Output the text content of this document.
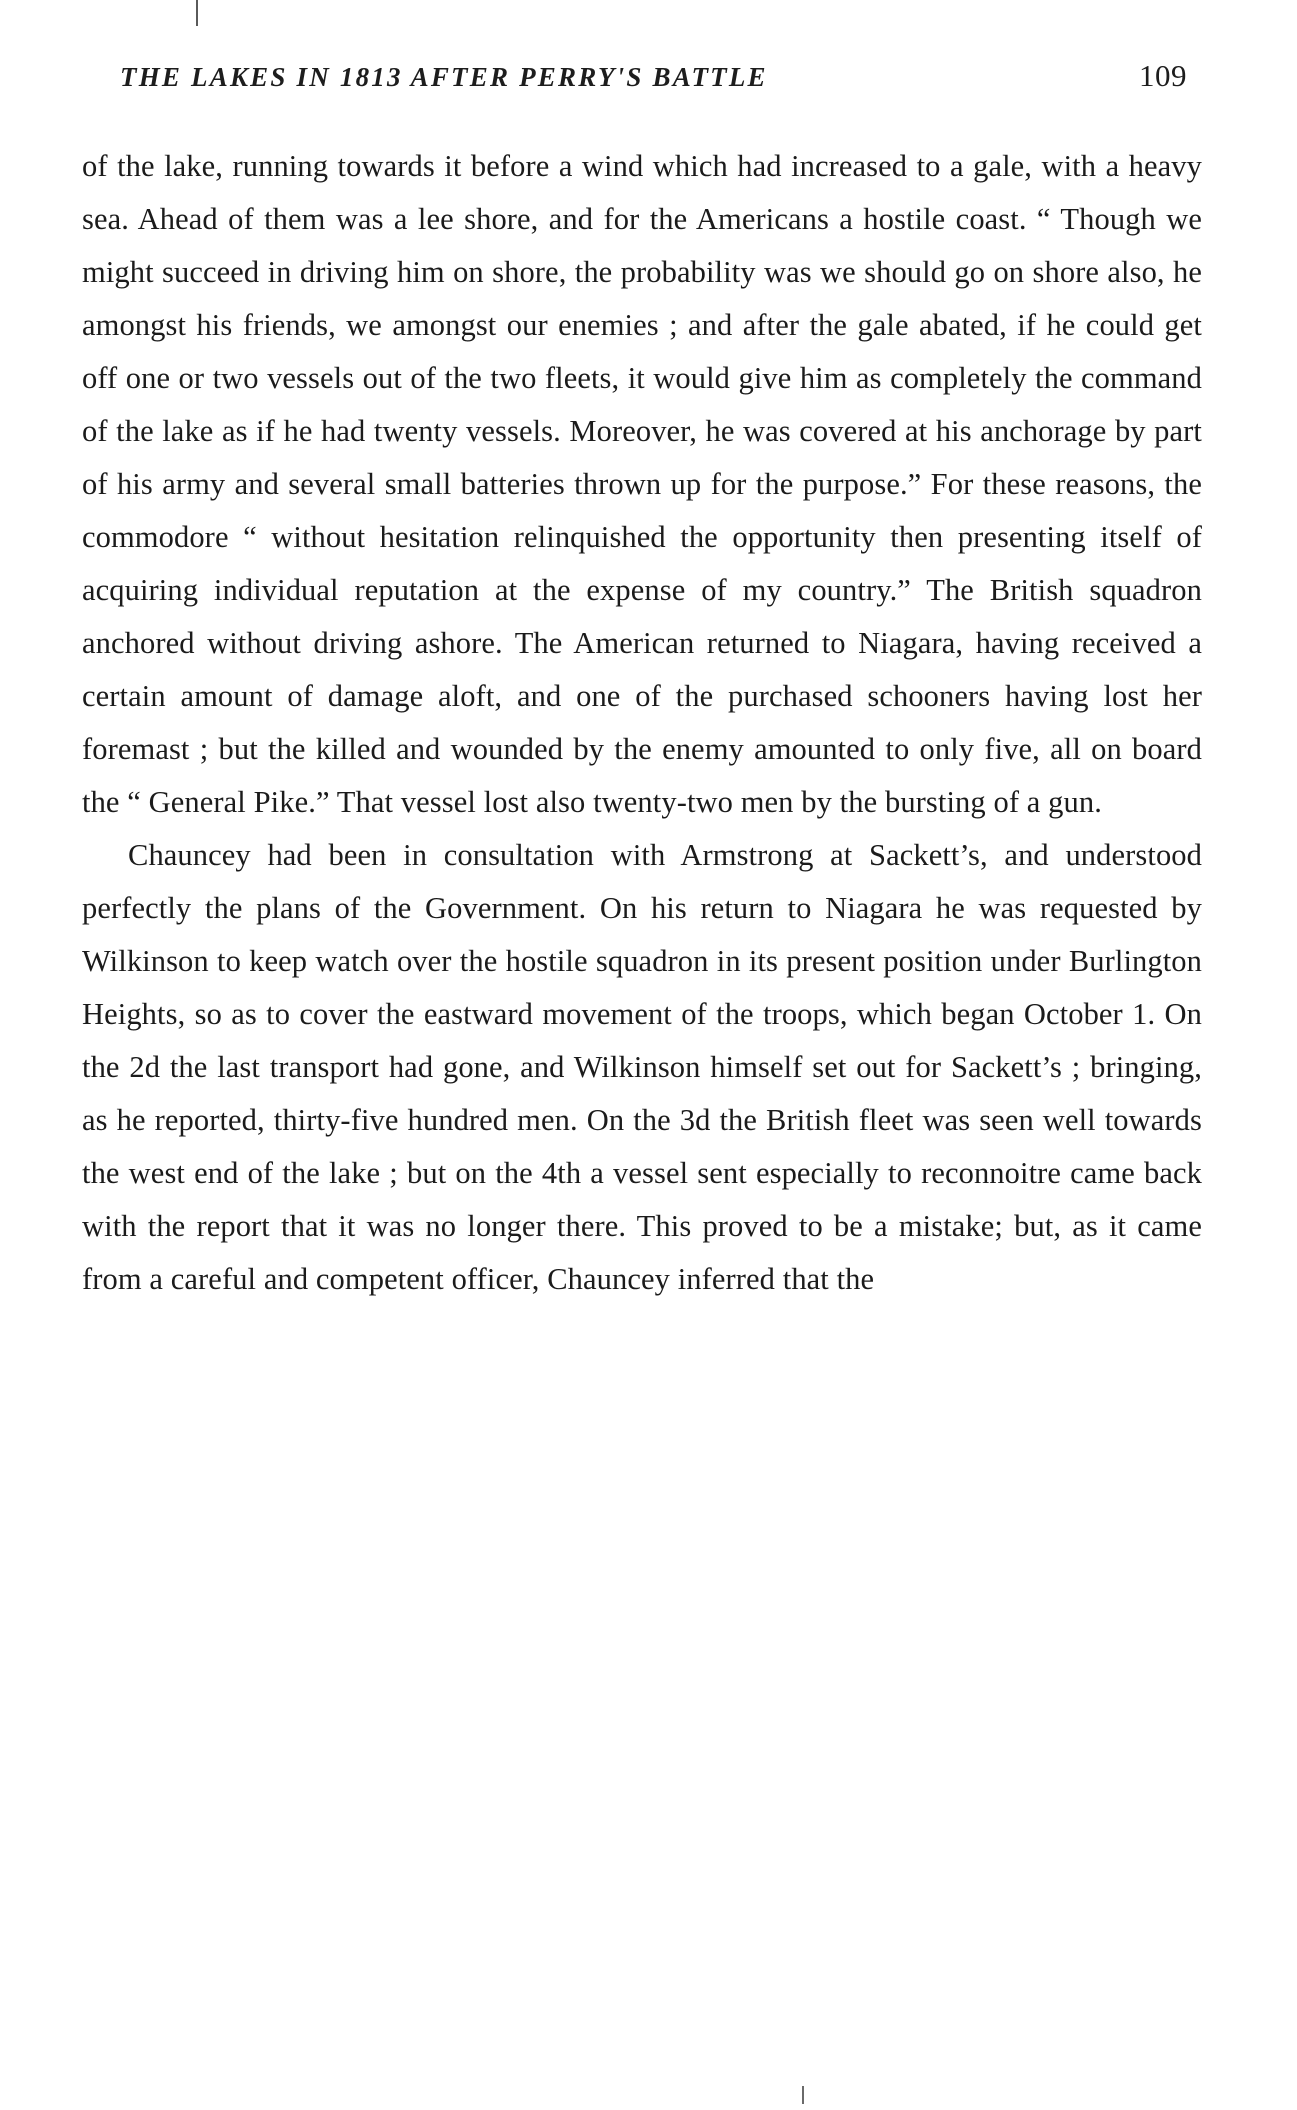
THE LAKES IN 1813 AFTER PERRY'S BATTLE	109

of the lake, running towards it before a wind which had increased to a gale, with a heavy sea. Ahead of them was a lee shore, and for the Americans a hostile coast. “ Though we might succeed in driving him on shore, the probability was we should go on shore also, he amongst his friends, we amongst our enemies ; and after the gale abated, if he could get off one or two vessels out of the two fleets, it would give him as completely the command of the lake as if he had twenty vessels. Moreover, he was covered at his anchorage by part of his army and several small batteries thrown up for the purpose.” For these reasons, the commodore “ without hesitation relinquished the opportunity then presenting itself of acquiring individual reputation at the expense of my country.” The British squadron anchored without driving ashore. The American returned to Niagara, having received a certain amount of damage aloft, and one of the purchased schooners having lost her foremast ; but the killed and wounded by the enemy amounted to only five, all on board the “ General Pike.” That vessel lost also twenty-two men by the bursting of a gun.

Chauncey had been in consultation with Armstrong at Sackett’s, and understood perfectly the plans of the Government. On his return to Niagara he was requested by Wilkinson to keep watch over the hostile squadron in its present position under Burlington Heights, so as to cover the eastward movement of the troops, which began October 1. On the 2d the last transport had gone, and Wilkinson himself set out for Sackett’s ; bringing, as he reported, thirty-five hundred men. On the 3d the British fleet was seen well towards the west end of the lake ; but on the 4th a vessel sent especially to reconnoitre came back with the report that it was no longer there. This proved to be a mistake; but, as it came from a careful and competent officer, Chauncey inferred that the
